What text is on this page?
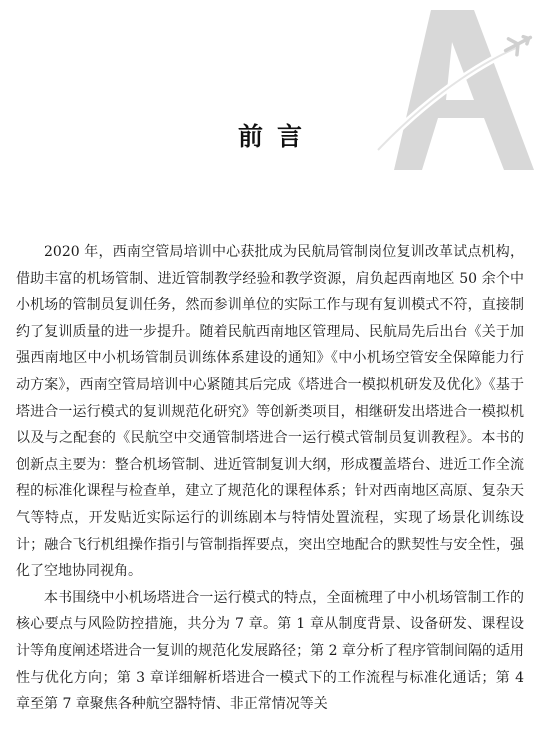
前言

2020 年，西南空管局培训中心获批成为民航局管制岗位复训改革试点机构，借助丰富的机场管制、进近管制教学经验和教学资源，肩负起西南地区 50 余个中小机场的管制员复训任务，然而参训单位的实际工作与现有复训模式不符，直接制约了复训质量的进一步提升。随着民航西南地区管理局、民航局先后出台《关于加强西南地区中小机场管制员训练体系建设的通知》《中小机场空管安全保障能力行动方案》，西南空管局培训中心紧随其后完成《塔进合一模拟机研发及优化》《基于塔进合一运行模式的复训规范化研究》等创新类项目，相继研发出塔进合一模拟机以及与之配套的《民航空中交通管制塔进合一运行模式管制员复训教程》。本书的创新点主要为：整合机场管制、进近管制复训大纲，形成覆盖塔台、进近工作全流程的标准化课程与检查单，建立了规范化的课程体系；针对西南地区高原、复杂天气等特点，开发贴近实际运行的训练剧本与特情处置流程，实现了场景化训练设计；融合飞行机组操作指引与管制指挥要点，突出空地配合的默契性与安全性，强化了空地协同视角。

本书围绕中小机场塔进合一运行模式的特点，全面梳理了中小机场管制工作的核心要点与风险防控措施，共分为 7 章。第 1 章从制度背景、设备研发、课程设计等角度阐述塔进合一复训的规范化发展路径；第 2 章分析了程序管制间隔的适用性与优化方向；第 3 章详细解析塔进合一模式下的工作流程与标准化通话；第 4 章至第 7 章聚焦各种航空器特情、非正常情况等关
